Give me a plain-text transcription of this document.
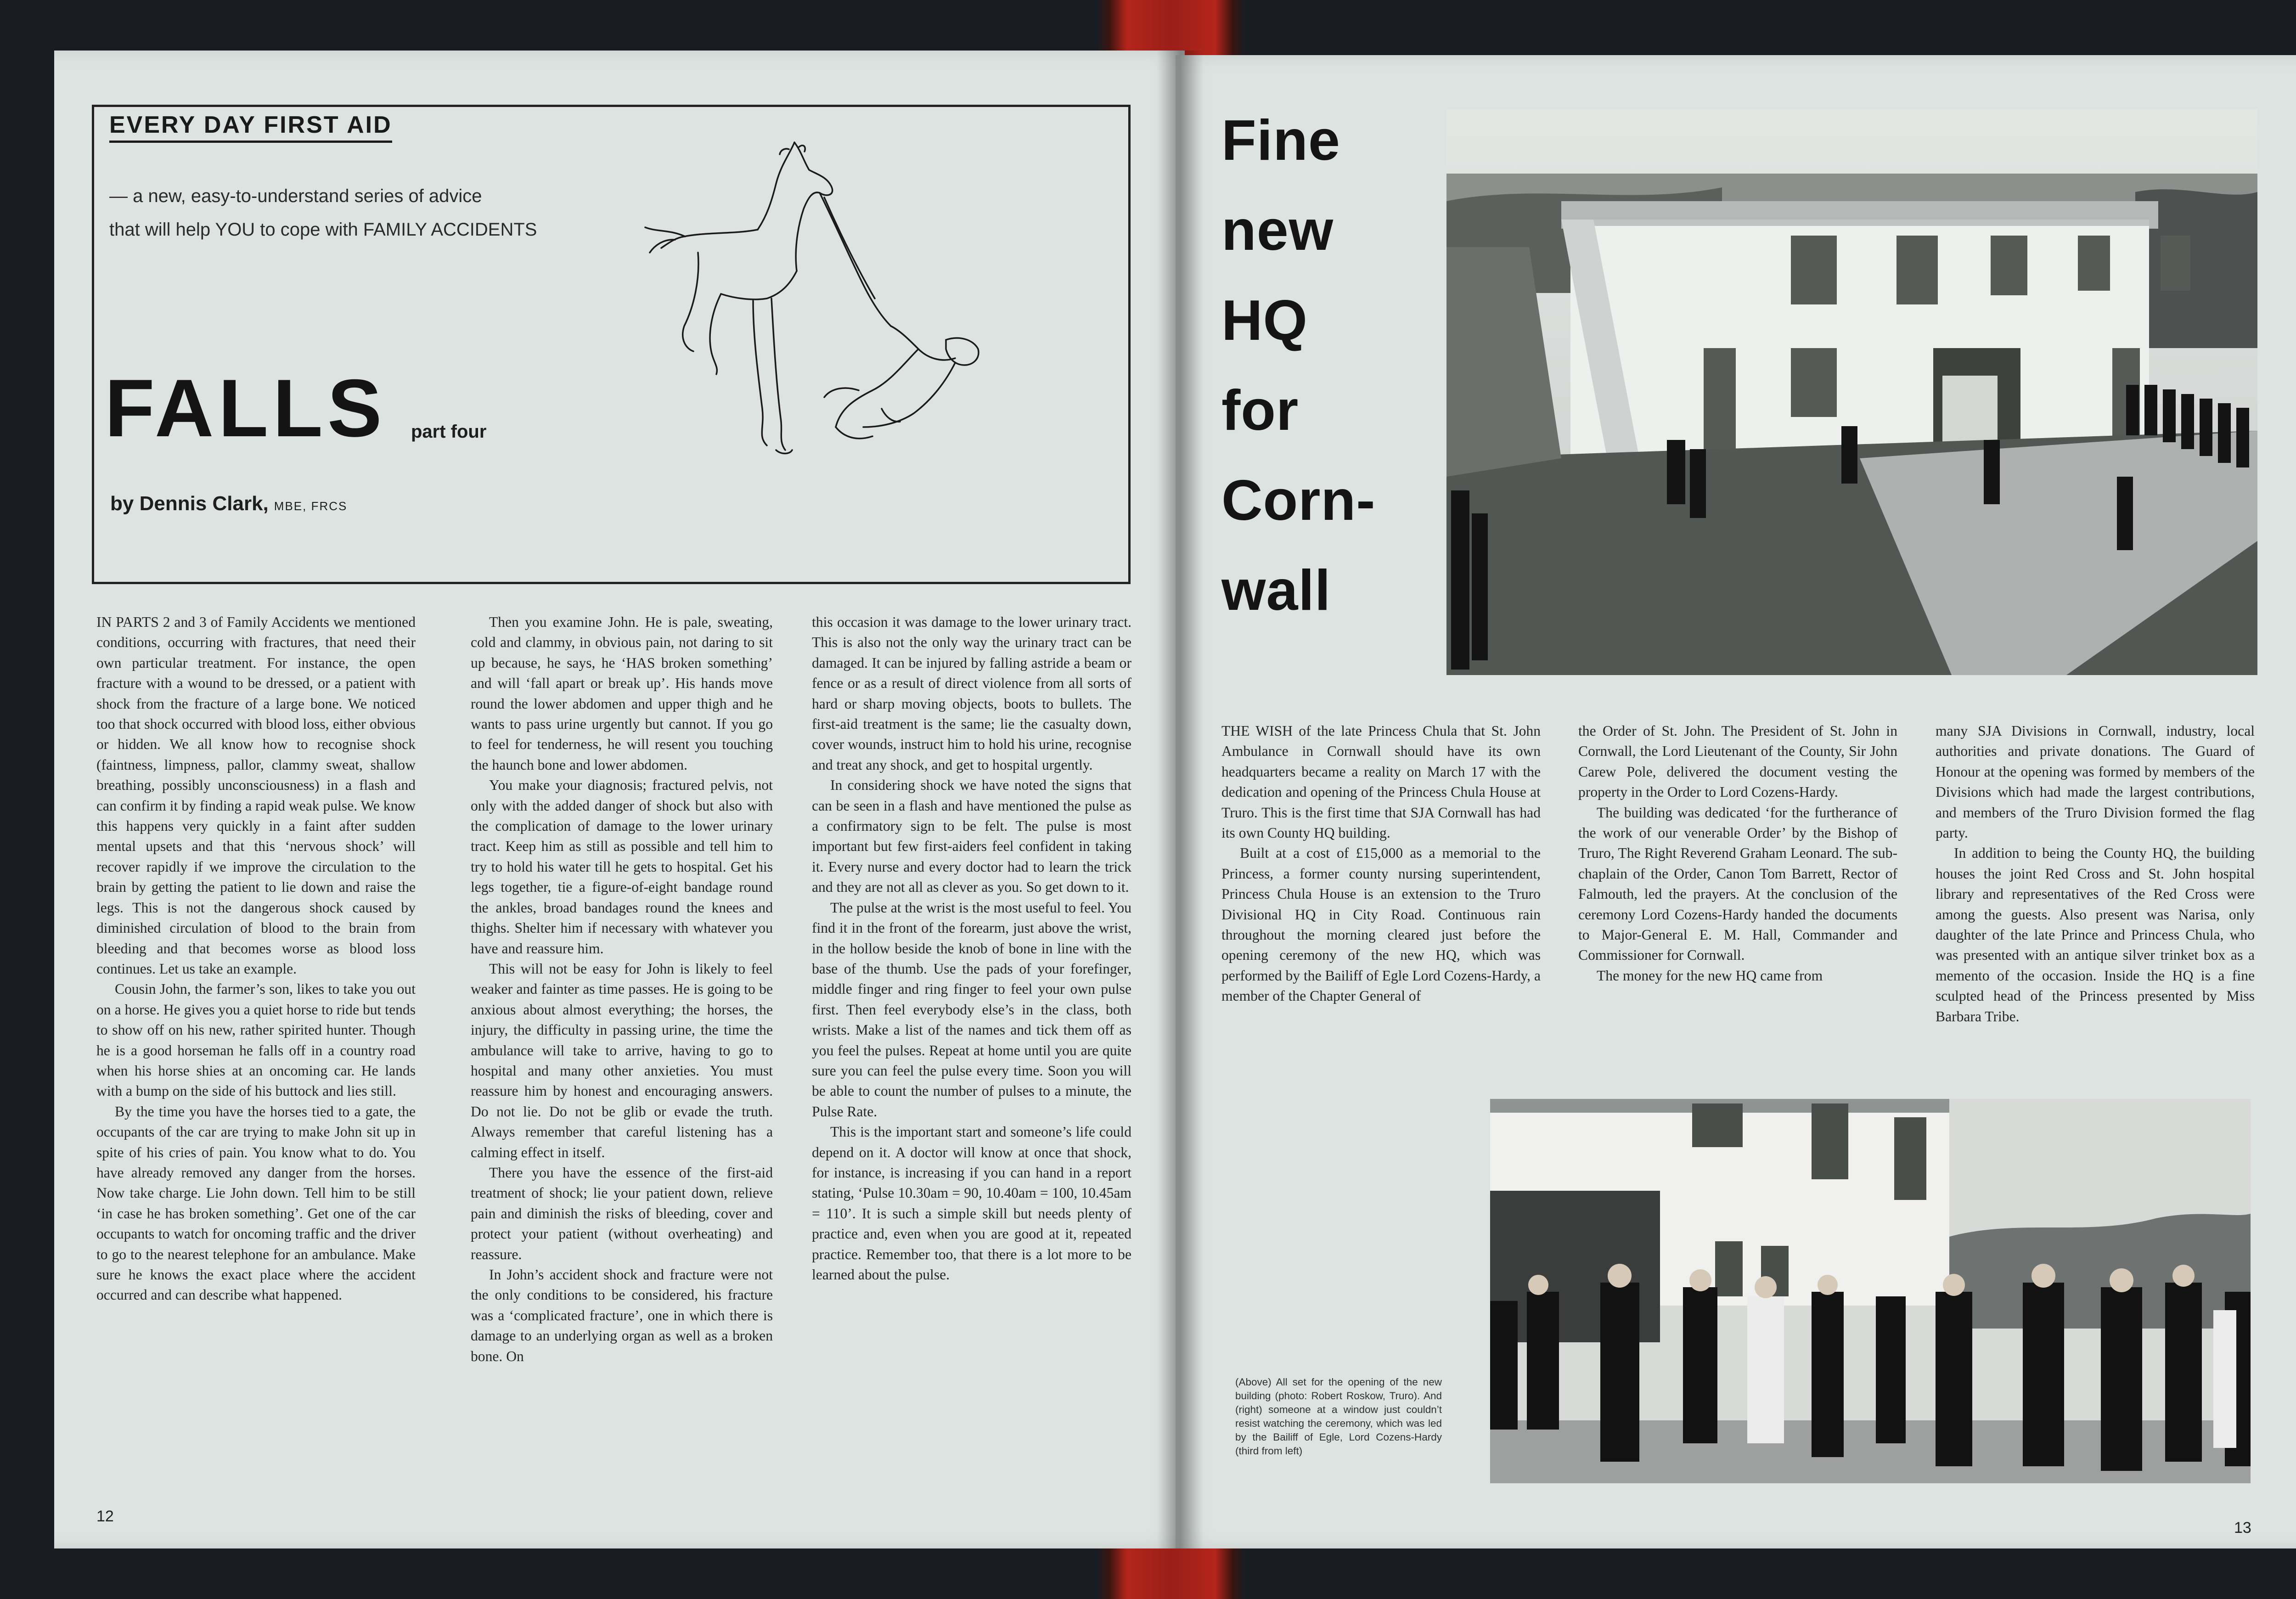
EVERY DAY FIRST AID
— a new, easy-to-understand series of advice
that will help YOU to cope with FAMILY ACCIDENTS
FALLS part four
by Dennis Clark, MBE, FRCS

IN PARTS 2 and 3 of Family Accidents we mentioned conditions, occurring with fractures, that need their own particular treatment. For instance, the open fracture with a wound to be dressed, or a patient with shock from the fracture of a large bone. We noticed too that shock occurred with blood loss, either obvious or hidden. We all know how to recognise shock (faintness, limpness, pallor, clammy sweat, shallow breathing, possibly unconsciousness) in a flash and can confirm it by finding a rapid weak pulse. We know this happens very quickly in a faint after sudden mental upsets and that this ‘nervous shock’ will recover rapidly if we improve the circulation to the brain by getting the patient to lie down and raise the legs. This is not the dangerous shock caused by diminished circulation of blood to the brain from bleeding and that becomes worse as blood loss continues. Let us take an example.

Cousin John, the farmer’s son, likes to take you out on a horse. He gives you a quiet horse to ride but tends to show off on his new, rather spirited hunter. Though he is a good horseman he falls off in a country road when his horse shies at an oncoming car. He lands with a bump on the side of his buttock and lies still.

By the time you have the horses tied to a gate, the occupants of the car are trying to make John sit up in spite of his cries of pain. You know what to do. You have already removed any danger from the horses. Now take charge. Lie John down. Tell him to be still ‘in case he has broken something’. Get one of the car occupants to watch for oncoming traffic and the driver to go to the nearest telephone for an ambulance. Make sure he knows the exact place where the accident occurred and can describe what happened.

Then you examine John. He is pale, sweating, cold and clammy, in obvious pain, not daring to sit up because, he says, he ‘HAS broken something’ and will ‘fall apart or break up’. His hands move round the lower abdomen and upper thigh and he wants to pass urine urgently but cannot. If you go to feel for tenderness, he will resent you touching the haunch bone and lower abdomen.

You make your diagnosis; fractured pelvis, not only with the added danger of shock but also with the complication of damage to the lower urinary tract. Keep him as still as possible and tell him to try to hold his water till he gets to hospital. Get his legs together, tie a figure-of-eight bandage round the ankles, broad bandages round the knees and thighs. Shelter him if necessary with whatever you have and reassure him.

This will not be easy for John is likely to feel weaker and fainter as time passes. He is going to be anxious about almost everything; the horses, the injury, the difficulty in passing urine, the time the ambulance will take to arrive, having to go to hospital and many other anxieties. You must reassure him by honest and encouraging answers. Do not lie. Do not be glib or evade the truth. Always remember that careful listening has a calming effect in itself.

There you have the essence of the first-aid treatment of shock; lie your patient down, relieve pain and diminish the risks of bleeding, cover and protect your patient (without overheating) and reassure.

In John’s accident shock and fracture were not the only conditions to be considered, his fracture was a ‘complicated fracture’, one in which there is damage to an underlying organ as well as a broken bone. On

this occasion it was damage to the lower urinary tract. This is also not the only way the urinary tract can be damaged. It can be injured by falling astride a beam or fence or as a result of direct violence from all sorts of hard or sharp moving objects, boots to bullets. The first-aid treatment is the same; lie the casualty down, cover wounds, instruct him to hold his urine, recognise and treat any shock, and get to hospital urgently.

In considering shock we have noted the signs that can be seen in a flash and have mentioned the pulse as a confirmatory sign to be felt. The pulse is most important but few first-aiders feel confident in taking it. Every nurse and every doctor had to learn the trick and they are not all as clever as you. So get down to it.

The pulse at the wrist is the most useful to feel. You find it in the front of the forearm, just above the wrist, in the hollow beside the knob of bone in line with the base of the thumb. Use the pads of your forefinger, middle finger and ring finger to feel your own pulse first. Then feel everybody else’s in the class, both wrists. Make a list of the names and tick them off as you feel the pulses. Repeat at home until you are quite sure you can feel the pulse every time. Soon you will be able to count the number of pulses to a minute, the Pulse Rate.

This is the important start and someone’s life could depend on it. A doctor will know at once that shock, for instance, is increasing if you can hand in a report stating, ‘Pulse 10.30am = 90, 10.40am = 100, 10.45am = 110’. It is such a simple skill but needs plenty of practice and, even when you are good at it, repeated practice. Remember too, that there is a lot more to be learned about the pulse.

12
Fine
new
HQ
for
Corn-
wall

THE WISH of the late Princess Chula that St. John Ambulance in Cornwall should have its own headquarters became a reality on March 17 with the dedication and opening of the Princess Chula House at Truro. This is the first time that SJA Cornwall has had its own County HQ building.

Built at a cost of £15,000 as a memorial to the Princess, a former county nursing superintendent, Princess Chula House is an extension to the Truro Divisional HQ in City Road. Continuous rain throughout the morning cleared just before the opening ceremony of the new HQ, which was performed by the Bailiff of Egle Lord Cozens-Hardy, a member of the Chapter General of

the Order of St. John. The President of St. John in Cornwall, the Lord Lieutenant of the County, Sir John Carew Pole, delivered the document vesting the property in the Order to Lord Cozens-Hardy.

The building was dedicated ‘for the furtherance of the work of our venerable Order’ by the Bishop of Truro, The Right Reverend Graham Leonard. The sub-chaplain of the Order, Canon Tom Barrett, Rector of Falmouth, led the prayers. At the conclusion of the ceremony Lord Cozens-Hardy handed the documents to Major-General E. M. Hall, Commander and Commissioner for Cornwall.

The money for the new HQ came from

many SJA Divisions in Cornwall, industry, local authorities and private donations. The Guard of Honour at the opening was formed by members of the Divisions which had made the largest contributions, and members of the Truro Division formed the flag party.

In addition to being the County HQ, the building houses the joint Red Cross and St. John hospital library and representatives of the Red Cross were among the guests. Also present was Narisa, only daughter of the late Prince and Princess Chula, who was presented with an antique silver trinket box as a memento of the occasion. Inside the HQ is a fine sculpted head of the Princess presented by Miss Barbara Tribe.

(Above) All set for the opening of the new building (photo: Robert Roskow, Truro). And (right) someone at a window just couldn’t resist watching the ceremony, which was led by the Bailiff of Egle, Lord Cozens-Hardy (third from left)
13
